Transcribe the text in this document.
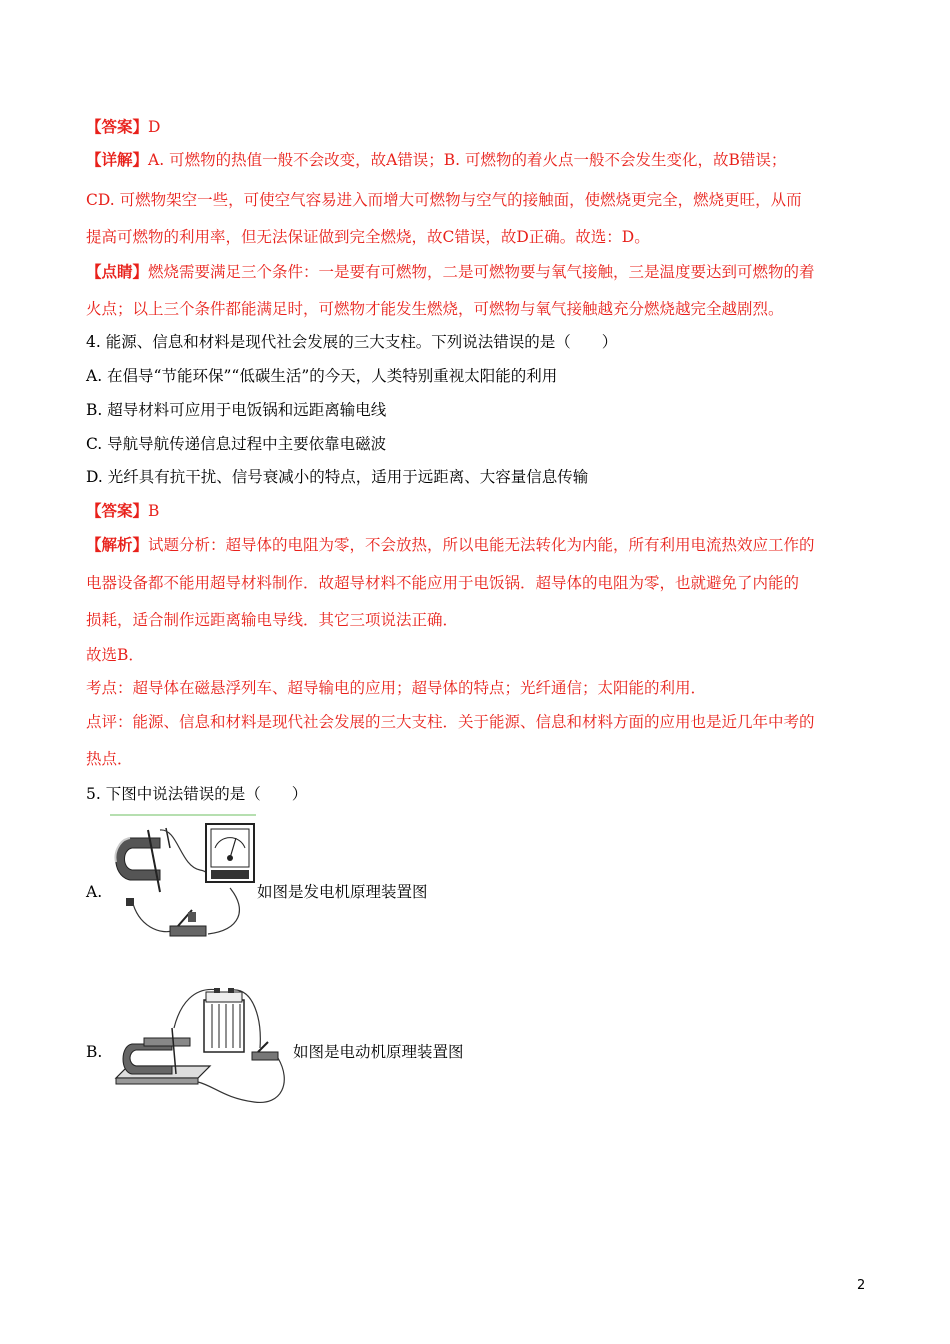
【答案】D
【详解】A. 可燃物的热值一般不会改变，故A错误；B. 可燃物的着火点一般不会发生变化，故B错误；
CD. 可燃物架空一些，可使空气容易进入而增大可燃物与空气的接触面，使燃烧更完全，燃烧更旺，从而
提高可燃物的利用率，但无法保证做到完全燃烧，故C错误，故D正确。故选：D。
【点睛】燃烧需要满足三个条件：一是要有可燃物，二是可燃物要与氧气接触，三是温度要达到可燃物的着
火点；以上三个条件都能满足时，可燃物才能发生燃烧，可燃物与氧气接触越充分燃烧越完全越剧烈。
4. 能源、信息和材料是现代社会发展的三大支柱。下列说法错误的是（　　）
A. 在倡导“节能环保”“低碳生活”的今天，人类特别重视太阳能的利用
B. 超导材料可应用于电饭锅和远距离输电线
C. 导航导航传递信息过程中主要依靠电磁波
D. 光纤具有抗干扰、信号衰减小的特点，适用于远距离、大容量信息传输
【答案】B
【解析】试题分析：超导体的电阻为零，不会放热，所以电能无法转化为内能，所有利用电流热效应工作的
电器设备都不能用超导材料制作．故超导材料不能应用于电饭锅．超导体的电阻为零，也就避免了内能的
损耗，适合制作远距离输电导线．其它三项说法正确．
故选B．
考点：超导体在磁悬浮列车、超导输电的应用；超导体的特点；光纤通信；太阳能的利用．
点评：能源、信息和材料是现代社会发展的三大支柱．关于能源、信息和材料方面的应用也是近几年中考的
热点．
5. 下图中说法错误的是（　　）
A.	如图是发电机原理装置图
B.	如图是电动机原理装置图
2
